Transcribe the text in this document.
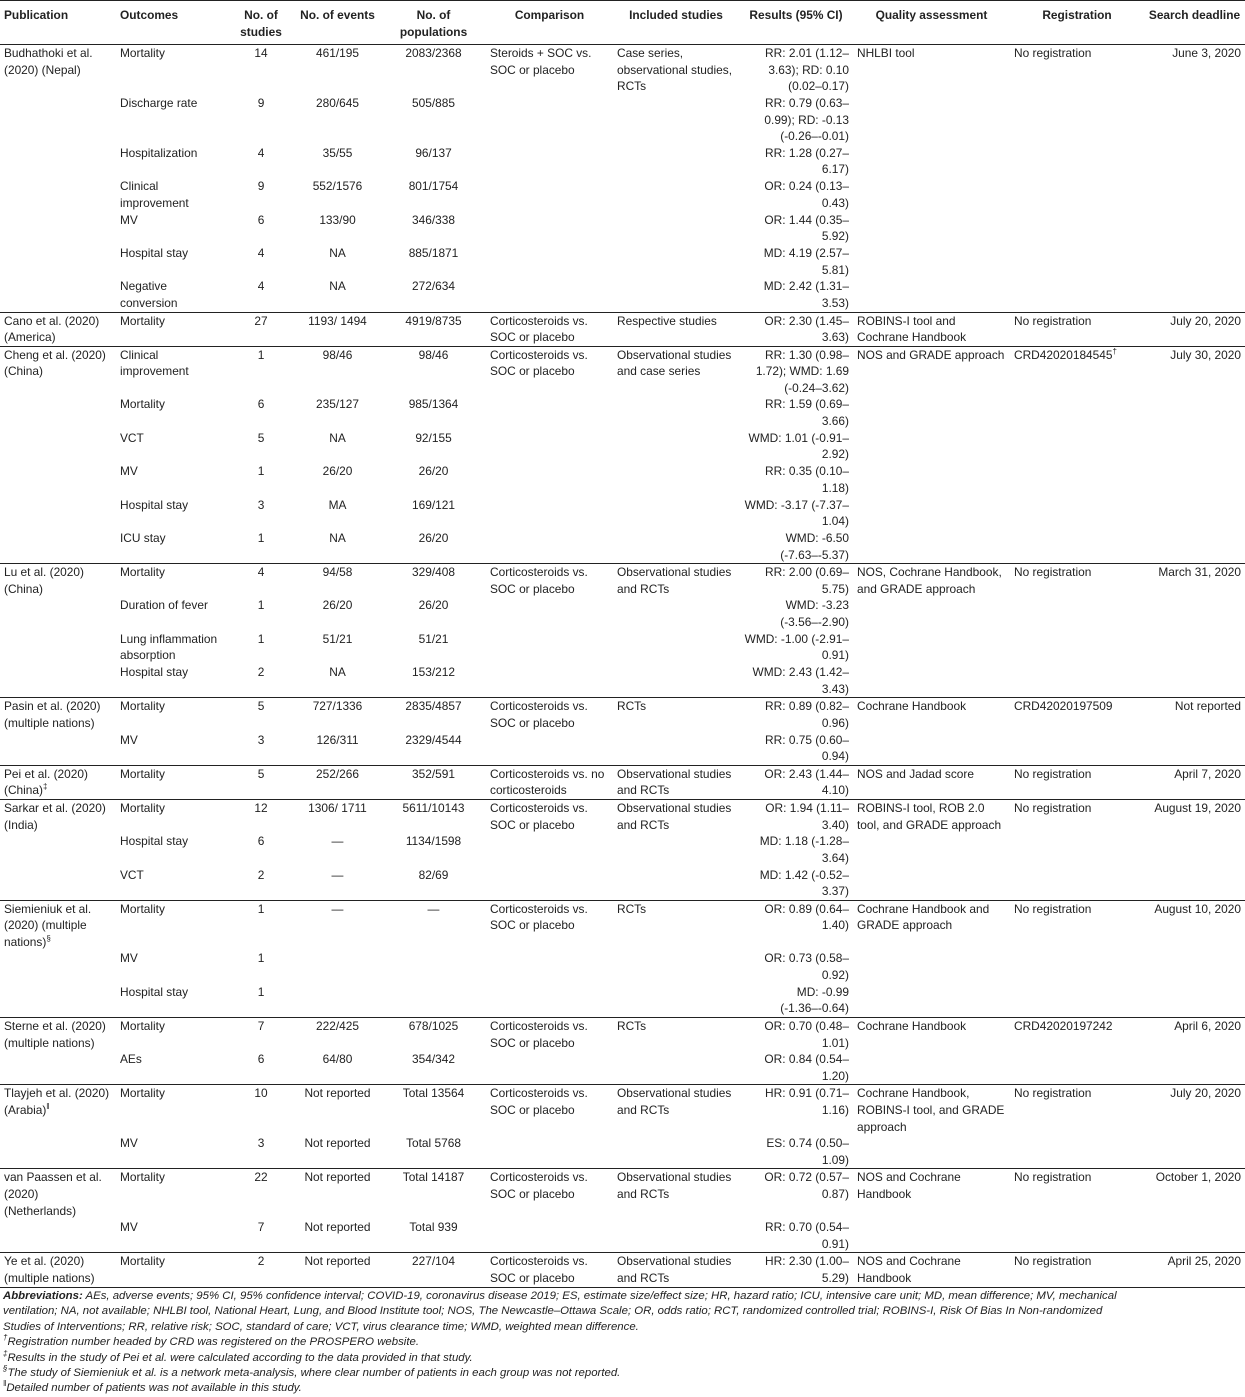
Publication	Outcomes	No. of studies	No. of events	No. of populations	Comparison	Included studies	Results (95% CI)	Quality assessment	Registration	Search deadline
Budhathoki et al. (2020) (Nepal)	Mortality	14	461/195	2083/2368	Steroids + SOC vs. SOC or placebo	Case series, observational studies, RCTs	RR: 2.01 (1.12–3.63); RD: 0.10 (0.02–0.17)	NHLBI tool	No registration	June 3, 2020
	Discharge rate	9	280/645	505/885			RR: 0.79 (0.63–0.99); RD: -0.13 (-0.26–-0.01)			
	Hospitalization	4	35/55	96/137			RR: 1.28 (0.27–6.17)			
	Clinical improvement	9	552/1576	801/1754			OR: 0.24 (0.13–0.43)			
	MV	6	133/90	346/338			OR: 1.44 (0.35–5.92)			
	Hospital stay	4	NA	885/1871			MD: 4.19 (2.57–5.81)			
	Negative conversion	4	NA	272/634			MD: 2.42 (1.31–3.53)			
Cano et al. (2020) (America)	Mortality	27	1193/ 1494	4919/8735	Corticosteroids vs. SOC or placebo	Respective studies	OR: 2.30 (1.45–3.63)	ROBINS-I tool and Cochrane Handbook	No registration	July 20, 2020
Cheng et al. (2020) (China)	Clinical improvement	1	98/46	98/46	Corticosteroids vs. SOC or placebo	Observational studies and case series	RR: 1.30 (0.98–1.72); WMD: 1.69 (-0.24–3.62)	NOS and GRADE approach	CRD42020184545†	July 30, 2020
	Mortality	6	235/127	985/1364			RR: 1.59 (0.69–3.66)			
	VCT	5	NA	92/155			WMD: 1.01 (-0.91–2.92)			
	MV	1	26/20	26/20			RR: 0.35 (0.10–1.18)			
	Hospital stay	3	MA	169/121			WMD: -3.17 (-7.37–1.04)			
	ICU stay	1	NA	26/20			WMD: -6.50 (-7.63–-5.37)			
Lu et al. (2020) (China)	Mortality	4	94/58	329/408	Corticosteroids vs. SOC or placebo	Observational studies and RCTs	RR: 2.00 (0.69–5.75)	NOS, Cochrane Handbook, and GRADE approach	No registration	March 31, 2020
	Duration of fever	1	26/20	26/20			WMD: -3.23 (-3.56–-2.90)			
	Lung inflammation absorption	1	51/21	51/21			WMD: -1.00 (-2.91–0.91)			
	Hospital stay	2	NA	153/212			WMD: 2.43 (1.42–3.43)			
Pasin et al. (2020) (multiple nations)	Mortality	5	727/1336	2835/4857	Corticosteroids vs. SOC or placebo	RCTs	RR: 0.89 (0.82–0.96)	Cochrane Handbook	CRD42020197509	Not reported
	MV	3	126/311	2329/4544			RR: 0.75 (0.60–0.94)			
Pei et al. (2020) (China)‡	Mortality	5	252/266	352/591	Corticosteroids vs. no corticosteroids	Observational studies and RCTs	OR: 2.43 (1.44–4.10)	NOS and Jadad score	No registration	April 7, 2020
Sarkar et al. (2020) (India)	Mortality	12	1306/ 1711	5611/10143	Corticosteroids vs. SOC or placebo	Observational studies and RCTs	OR: 1.94 (1.11–3.40)	ROBINS-I tool, ROB 2.0 tool, and GRADE approach	No registration	August 19, 2020
	Hospital stay	6	—	1134/1598			MD: 1.18 (-1.28–3.64)			
	VCT	2	—	82/69			MD: 1.42 (-0.52–3.37)			
Siemieniuk et al. (2020) (multiple nations)§	Mortality	1	—	—	Corticosteroids vs. SOC or placebo	RCTs	OR: 0.89 (0.64–1.40)	Cochrane Handbook and GRADE approach	No registration	August 10, 2020
	MV	1					OR: 0.73 (0.58–0.92)			
	Hospital stay	1					MD: -0.99 (-1.36–-0.64)			
Sterne et al. (2020) (multiple nations)	Mortality	7	222/425	678/1025	Corticosteroids vs. SOC or placebo	RCTs	OR: 0.70 (0.48–1.01)	Cochrane Handbook	CRD42020197242	April 6, 2020
	AEs	6	64/80	354/342			OR: 0.84 (0.54–1.20)			
Tlayjeh et al. (2020) (Arabia)$^ǁ$	Mortality	10	Not reported	Total 13564	Corticosteroids vs. SOC or placebo	Observational studies and RCTs	HR: 0.91 (0.71–1.16)	Cochrane Handbook, ROBINS-I tool, and GRADE approach	No registration	July 20, 2020
	MV	3	Not reported	Total 5768			ES: 0.74 (0.50–1.09)			
van Paassen et al. (2020) (Netherlands)	Mortality	22	Not reported	Total 14187	Corticosteroids vs. SOC or placebo	Observational studies and RCTs	OR: 0.72 (0.57–0.87)	NOS and Cochrane Handbook	No registration	October 1, 2020
	MV	7	Not reported	Total 939			RR: 0.70 (0.54–0.91)			
Ye et al. (2020) (multiple nations)	Mortality	2	Not reported	227/104	Corticosteroids vs. SOC or placebo	Observational studies and RCTs	HR: 2.30 (1.00–5.29)	NOS and Cochrane Handbook	No registration	April 25, 2020

Abbreviations: AEs, adverse events; 95% CI, 95% confidence interval; COVID-19, coronavirus disease 2019; ES, estimate size/effect size; HR, hazard ratio; ICU, intensive care unit; MD, mean difference; MV, mechanical ventilation; NA, not available; NHLBI tool, National Heart, Lung, and Blood Institute tool; NOS, The Newcastle–Ottawa Scale; OR, odds ratio; RCT, randomized controlled trial; ROBINS-I, Risk Of Bias In Non-randomized Studies of Interventions; RR, relative risk; SOC, standard of care; VCT, virus clearance time; WMD, weighted mean difference.

†Registration number headed by CRD was registered on the PROSPERO website.

‡Results in the study of Pei et al. were calculated according to the data provided in that study.

§The study of Siemieniuk et al. is a network meta-analysis, where clear number of patients in each group was not reported.

$^ǁ$Detailed number of patients was not available in this study.
